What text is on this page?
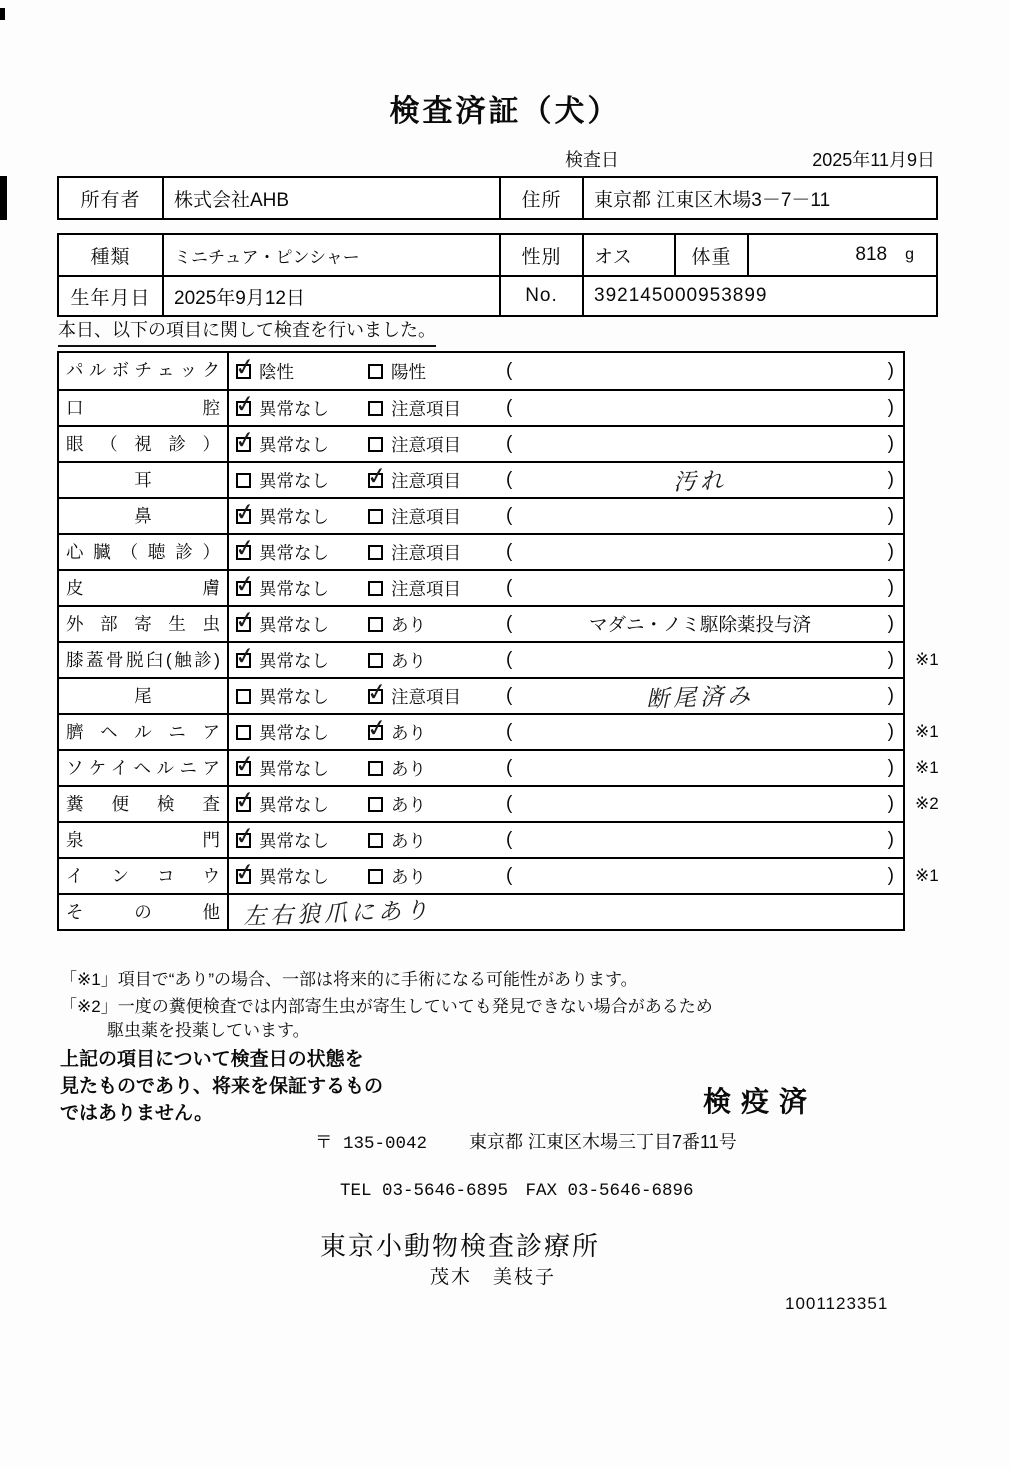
検査済証（犬）
検査日	2025年11月9日
所有者	株式会社AHB	住所	東京都 江東区木場3－7－11
種類	ミニチュア・ピンシャー	性別	オス	体重	818 g
生年月日	2025年9月12日	No.	392145000953899
本日、以下の項目に関して検査を行いました。
パルボチェック ✓	陰性	陽性	(	)
口腔 ✓	異常なし	注意項目 (	)
眼（視診） ✓	異常なし	注意項目 (	)
耳	異常なし ✓	注意項目 (	汚れ	)
鼻 ✓	異常なし	注意項目 (	)
心臓（聴診） ✓	異常なし	注意項目 (	)
皮膚 ✓	異常なし	注意項目 (	)
外部寄生虫 ✓	異常なし	あり	(	マダニ・ノミ駆除薬投与済	)
膝蓋骨脱臼(触診) ✓	異常なし	あり	(	) ※1
尾	異常なし ✓	注意項目 (	断尾済み	)
臍ヘルニア	異常なし ✓	あり	(	) ※1
ソケイヘルニア ✓	異常なし	あり	(	) ※1
糞便検査 ✓	異常なし	あり	(	) ※2
泉門 ✓	異常なし	あり	(	)
インコウ ✓	異常なし	あり	(	) ※1
その他 左右狼爪にあり
「※1」項目で“あり”の場合、一部は将来的に手術になる可能性があります。
「※2」一度の糞便検査では内部寄生虫が寄生していても発見できない場合があるため
駆虫薬を投薬しています。
上記の項目について検査日の状態を
見たものであり、将来を保証するもの
ではありません。	検疫済
〒 135-0042 東京都 江東区木場三丁目7番11号
TEL 03-5646-6895　FAX 03-5646-6896
東京小動物検査診療所
茂木　美枝子
1001123351
